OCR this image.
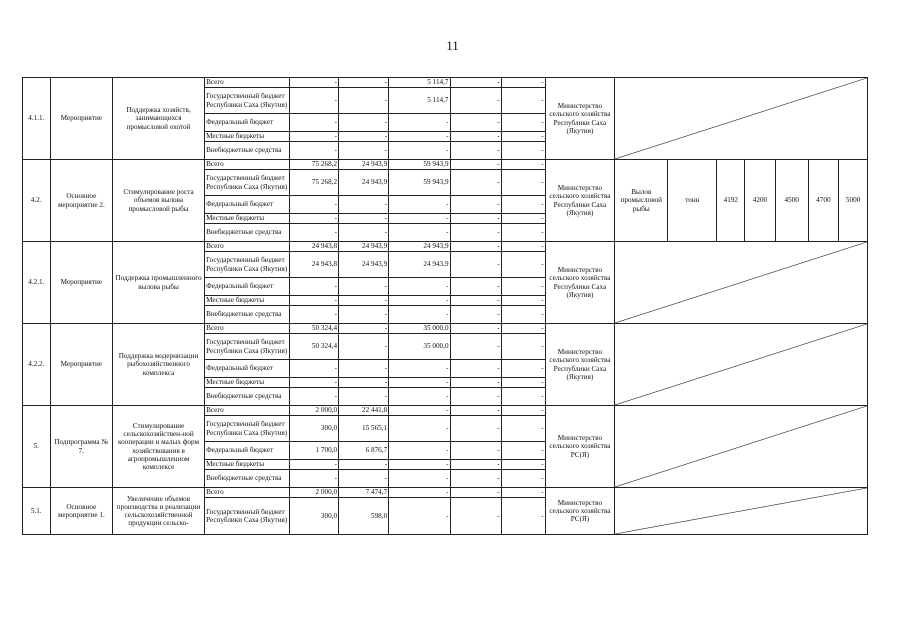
11
4.1.1.	Мероприятие	Поддержка хозяйств, занимающихся промысловой охотой	Всего	-	-	5 114,7	-	-	Министерство сельского хозяйства Республики Саха (Якутия)	

			Государственный бюджет Республики Саха (Якутия)	-	-	5 114,7	-	-								
			Федеральный бюджет	-	-	-	-	-								
			Местные бюджеты	-	-	-	-	-								
			Внебюджетные средства	-	-	-	-	-								
4.2.	Основное мероприятие 2.	Стимулирование роста объемов вылова промысловой рыбы	Всего	75 268,2	24 943,9	59 943,9	-	-	Министерство сельского хозяйства Республики Саха (Якутия)	Вылов промысловой рыбы	тонн	4192	4200	4500	4700	5000
			Государственный бюджет Республики Саха (Якутия)	75 268,2	24 943,9	59 943,9	-	-								
			Федеральный бюджет	-	-	-	-	-								
			Местные бюджеты	-	-	-	-	-								
			Внебюджетные средства	-	-	-	-	-								
4.2.1.	Мероприятие	Поддержка промышленного вылова рыбы	Всего	24 943,8	24 943,9	24 943,9	-	-	Министерство сельского хозяйства Республики Саха (Якутия)	

			Государственный бюджет Республики Саха (Якутия)	24 943,8	24 943,9	24 943,9	-	-								
			Федеральный бюджет	-	-	-	-	-								
			Местные бюджеты	-	-	-	-	-								
			Внебюджетные средства	-	-	-	-	-								
4.2.2.	Мероприятие	Поддержка модернизации рыбохозяйственного комплекса	Всего	50 324,4	-	35 000,0	-	-	Министерство сельского хозяйства Республики Саха (Якутия)	

			Государственный бюджет Республики Саха (Якутия)	50 324,4	-	35 000,0	-	-								
			Федеральный бюджет	-	-	-	-	-								
			Местные бюджеты	-	-	-	-	-								
			Внебюджетные средства	-	-	-	-	-								
5.	Подпрограмма № 7.	Стимулирование сельскохозяйствен-ной кооперации и малых форм хозяйствования в агропромышленном комплексе	Всего	2 000,0	22 441,8	-	-	-	Министерство сельского хозяйства РС(Я)	

			Государственный бюджет Республики Саха (Якутия)	300,0	15 565,1	-	-	-								
			Федеральный бюджет	1 700,0	6 876,7	-	-	-								
			Местные бюджеты	-	-	-	-	-								
			Внебюджетные средства	-	-	-	-	-								
5.1.	Основное мероприятие 1.	Увеличение объемов производства и реализации сельскохозяйственной продукции сельско-	Всего	2 000,0	7 474,7	-	-	-	Министерство сельского хозяйства РС(Я)	

			Государственный бюджет Республики Саха (Якутия)	300,0	598,0	-	-	-								
